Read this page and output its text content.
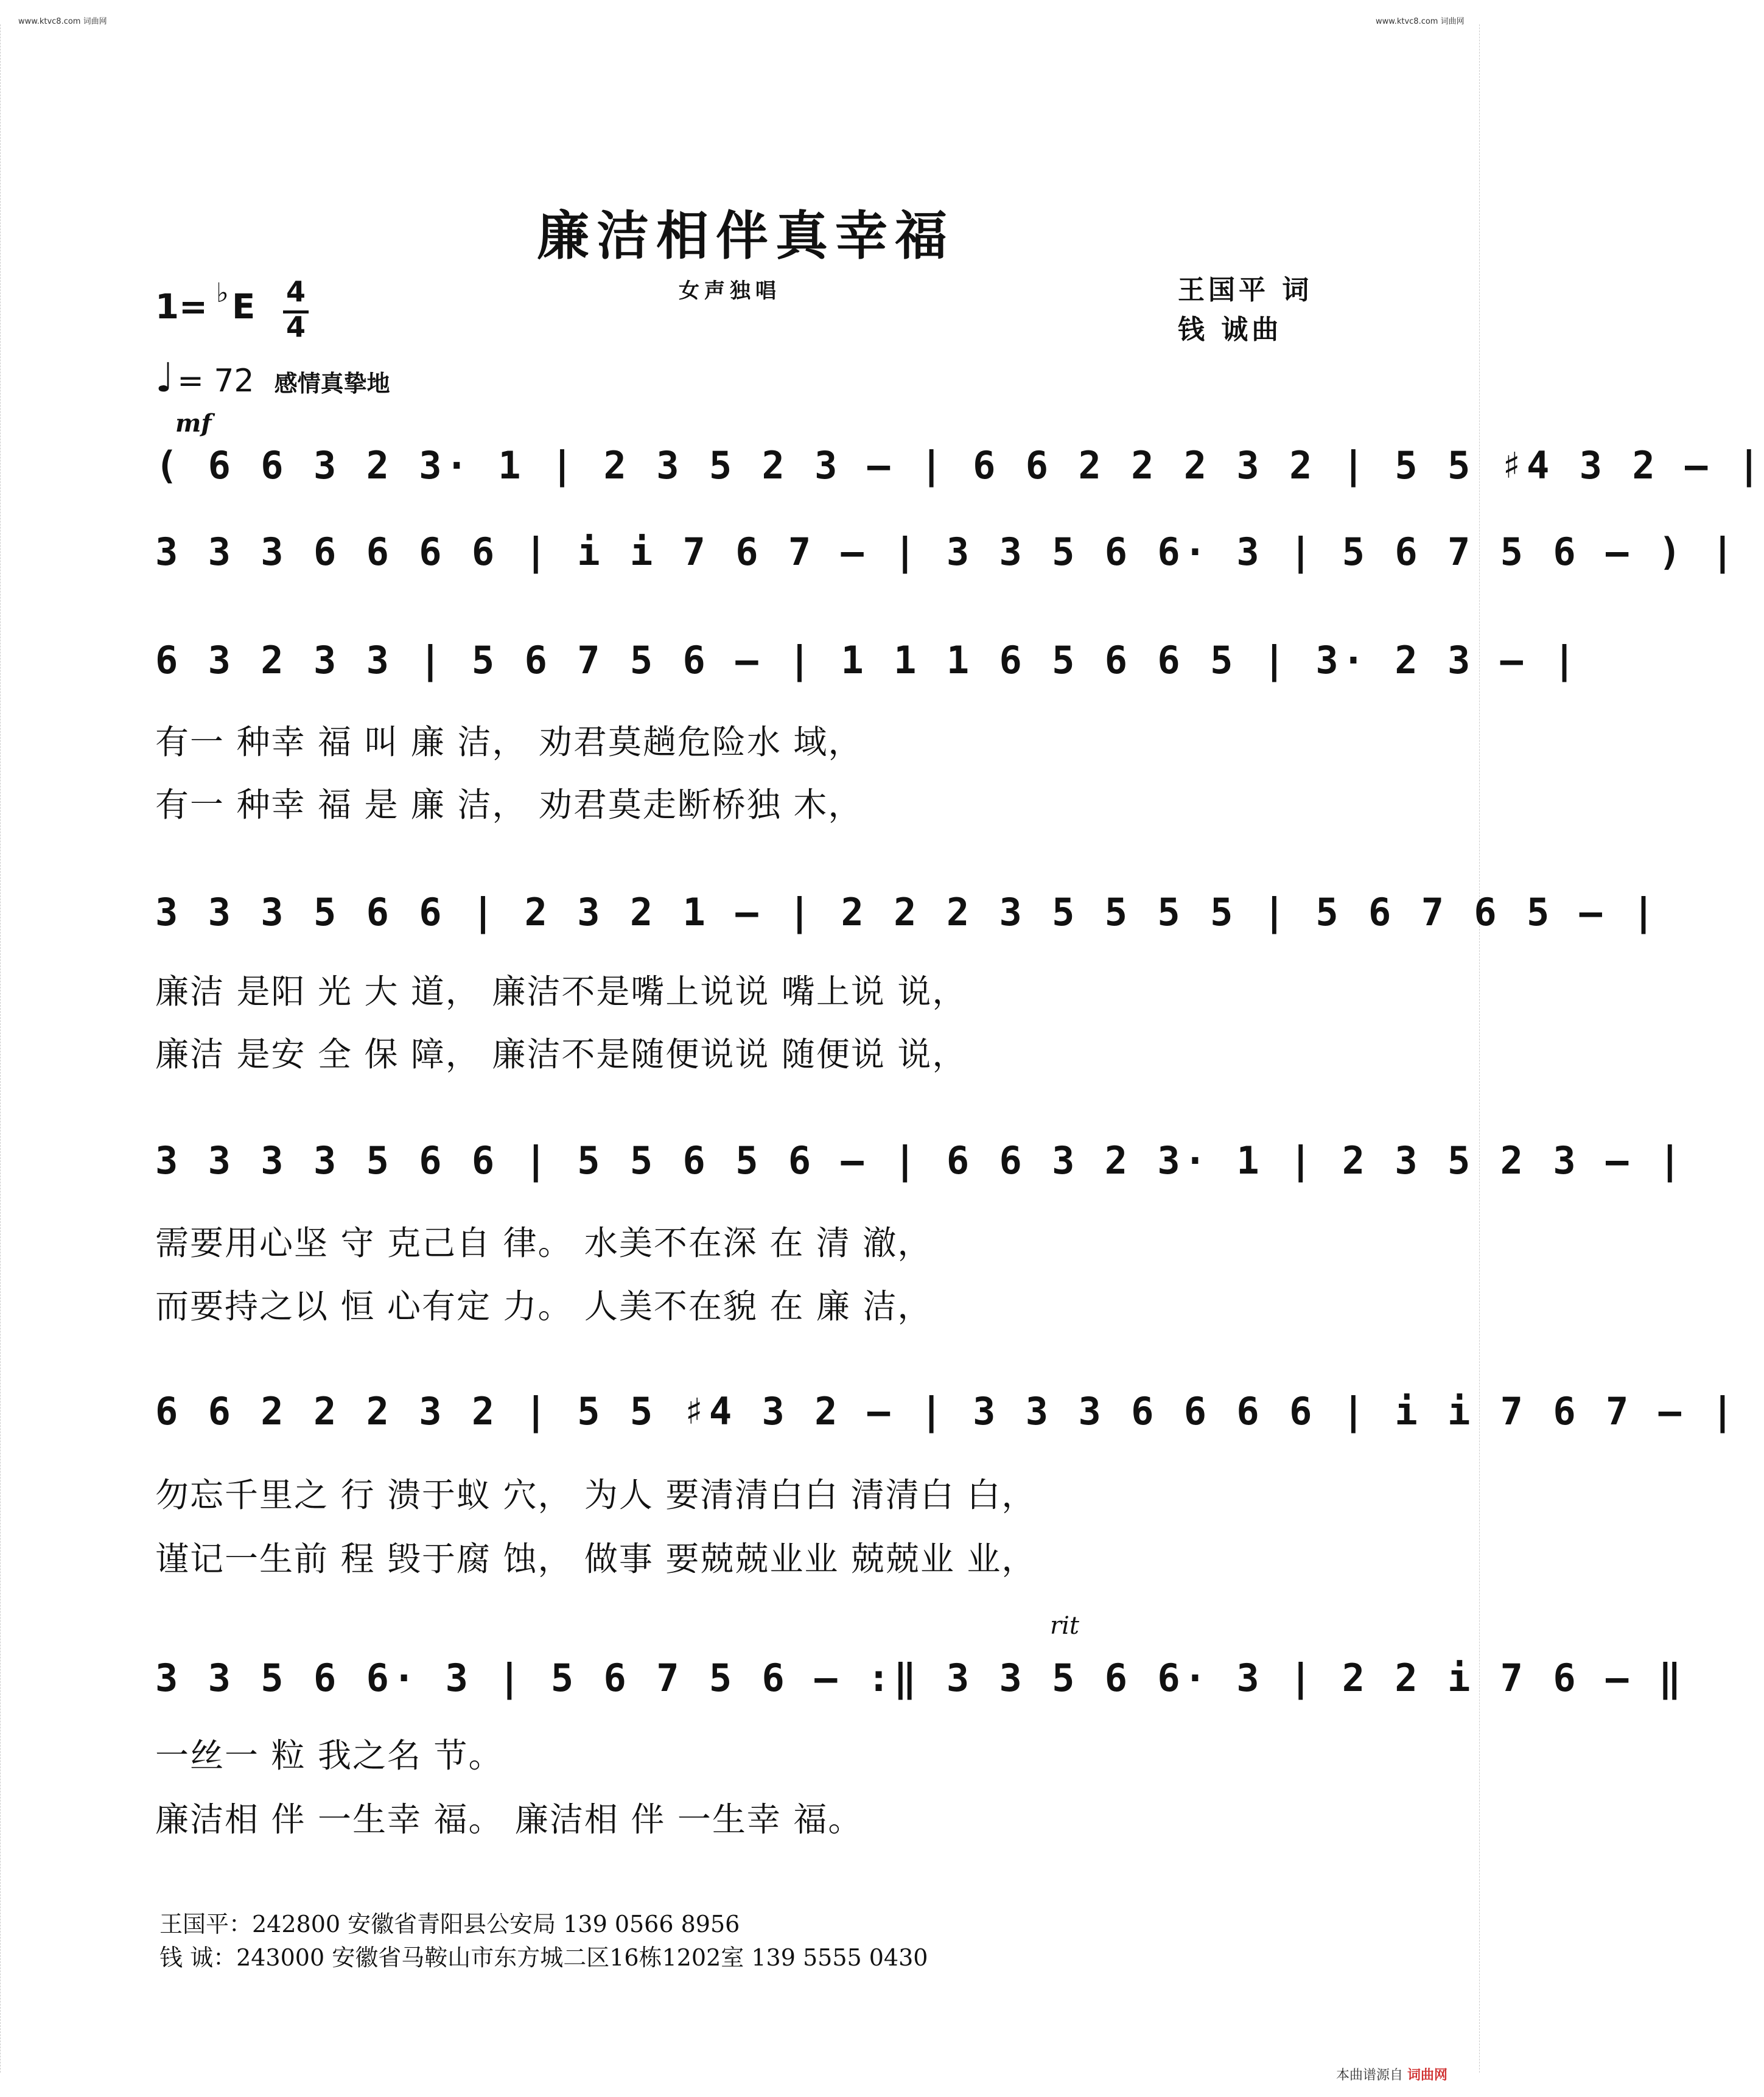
www.ktvc8.com 词曲网	www.ktvc8.com 词曲网
廉洁相伴真幸福
女声独唱	王国平 词
钱 诚曲
1= ♭ E 4
4
♩ = 72 感情真挚地
mf
rit
( 6 6 3 2 3· 1 | 2 3 5 2 3 – | 6 6 2 2 2 3 2 | 5 5 ♯4 3 2 – |
3 3 3 6 6 6 6 | i i 7 6 7 – | 3 3 5 6 6· 3 | 5 6 7 5 6 – ) |
6 3 2 3 3 | 5 6 7 5 6 – | 1 1 1 6 5 6 6 5 | 3· 2 3 – |
有一 种幸 福 叫 廉 洁， 劝君莫趟危险水 域，
有一 种幸 福 是 廉 洁， 劝君莫走断桥独 木，
3 3 3 5 6 6 | 2 3 2 1 – | 2 2 2 3 5 5 5 5 | 5 6 7 6 5 – |
廉洁 是阳 光 大 道， 廉洁不是嘴上说说 嘴上说 说，
廉洁 是安 全 保 障， 廉洁不是随便说说 随便说 说，
3 3 3 3 5 6 6 | 5 5 6 5 6 – | 6 6 3 2 3· 1 | 2 3 5 2 3 – |
需要用心坚 守 克己自 律。 水美不在深 在 清 澈，
而要持之以 恒 心有定 力。 人美不在貌 在 廉 洁，
6 6 2 2 2 3 2 | 5 5 ♯4 3 2 – | 3 3 3 6 6 6 6 | i i 7 6 7 – |
勿忘千里之 行 溃于蚁 穴， 为人 要清清白白 清清白 白，
谨记一生前 程 毁于腐 蚀， 做事 要兢兢业业 兢兢业 业，
3 3 5 6 6· 3 | 5 6 7 5 6 – :‖ 3 3 5 6 6· 3 | 2 2 i 7 6 – ‖
一丝一 粒 我之名 节。
廉洁相 伴 一生幸 福。 廉洁相 伴 一生幸 福。
王国平：242800 安徽省青阳县公安局 139 0566 8956
钱 诚：243000 安徽省马鞍山市东方城二区16栋1202室 139 5555 0430
本曲谱源自 词曲网
